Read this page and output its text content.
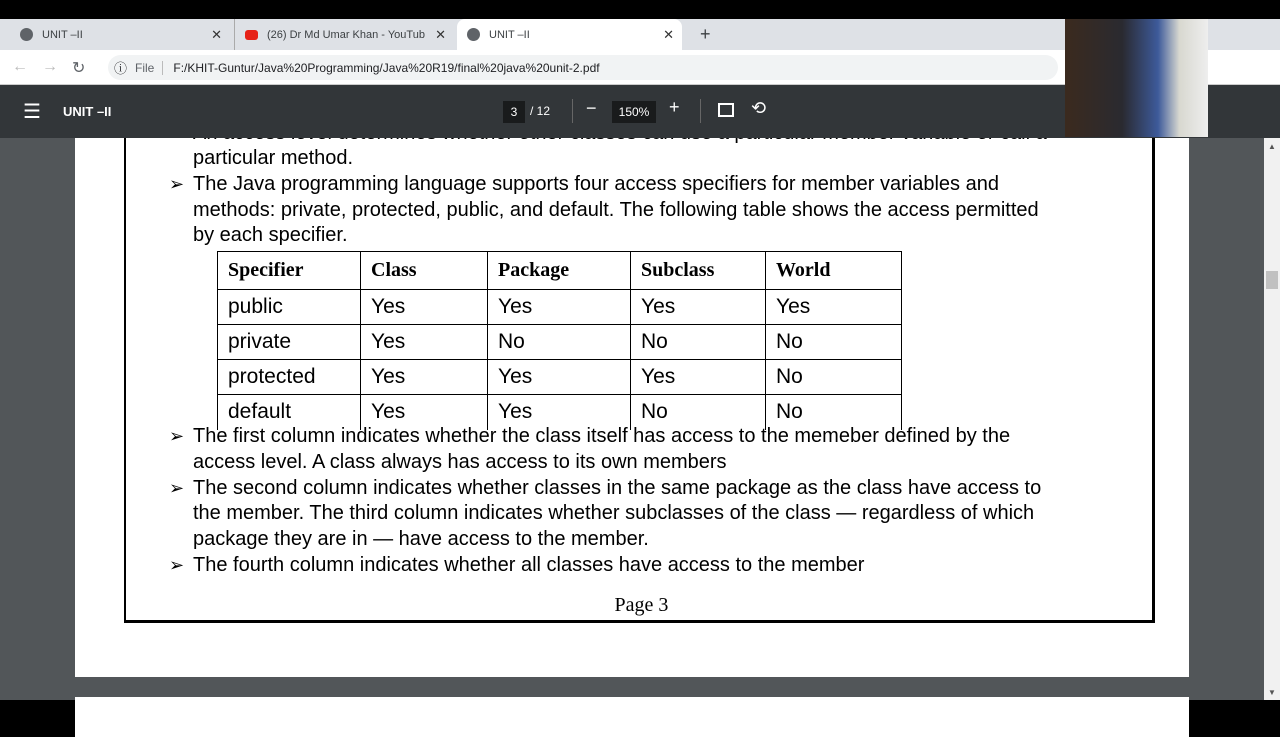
UNIT –II	✕	(26) Dr Md Umar Khan - YouTub ✕	UNIT –II	✕	+
← → ↻ ⓘ File	F:/KHIT-Guntur/Java%20Programming/Java%20R19/final%20java%20unit-2.pdf
☰ UNIT –II	3	/ 12 −	150%	+	⟲
particular method.
➢ The Java programming language supports four access specifiers for member variables and
methods: private, protected, public, and default. The following table shows the access permitted
by each specifier.
Specifier	Class	Package	Subclass	World
public	Yes	Yes	Yes	Yes
private	Yes	No	No	No
protected	Yes	Yes	Yes	No
default	Yes	Yes	No	No
➢ The first column indicates whether the class itself has access to the memeber defined by the
access level. A class always has access to its own members
➢ The second column indicates whether classes in the same package as the class have access to
the member. The third column indicates whether subclasses of the class — regardless of which
package they are in — have access to the member.
➢ The fourth column indicates whether all classes have access to the member
Page 3
▲
▼
